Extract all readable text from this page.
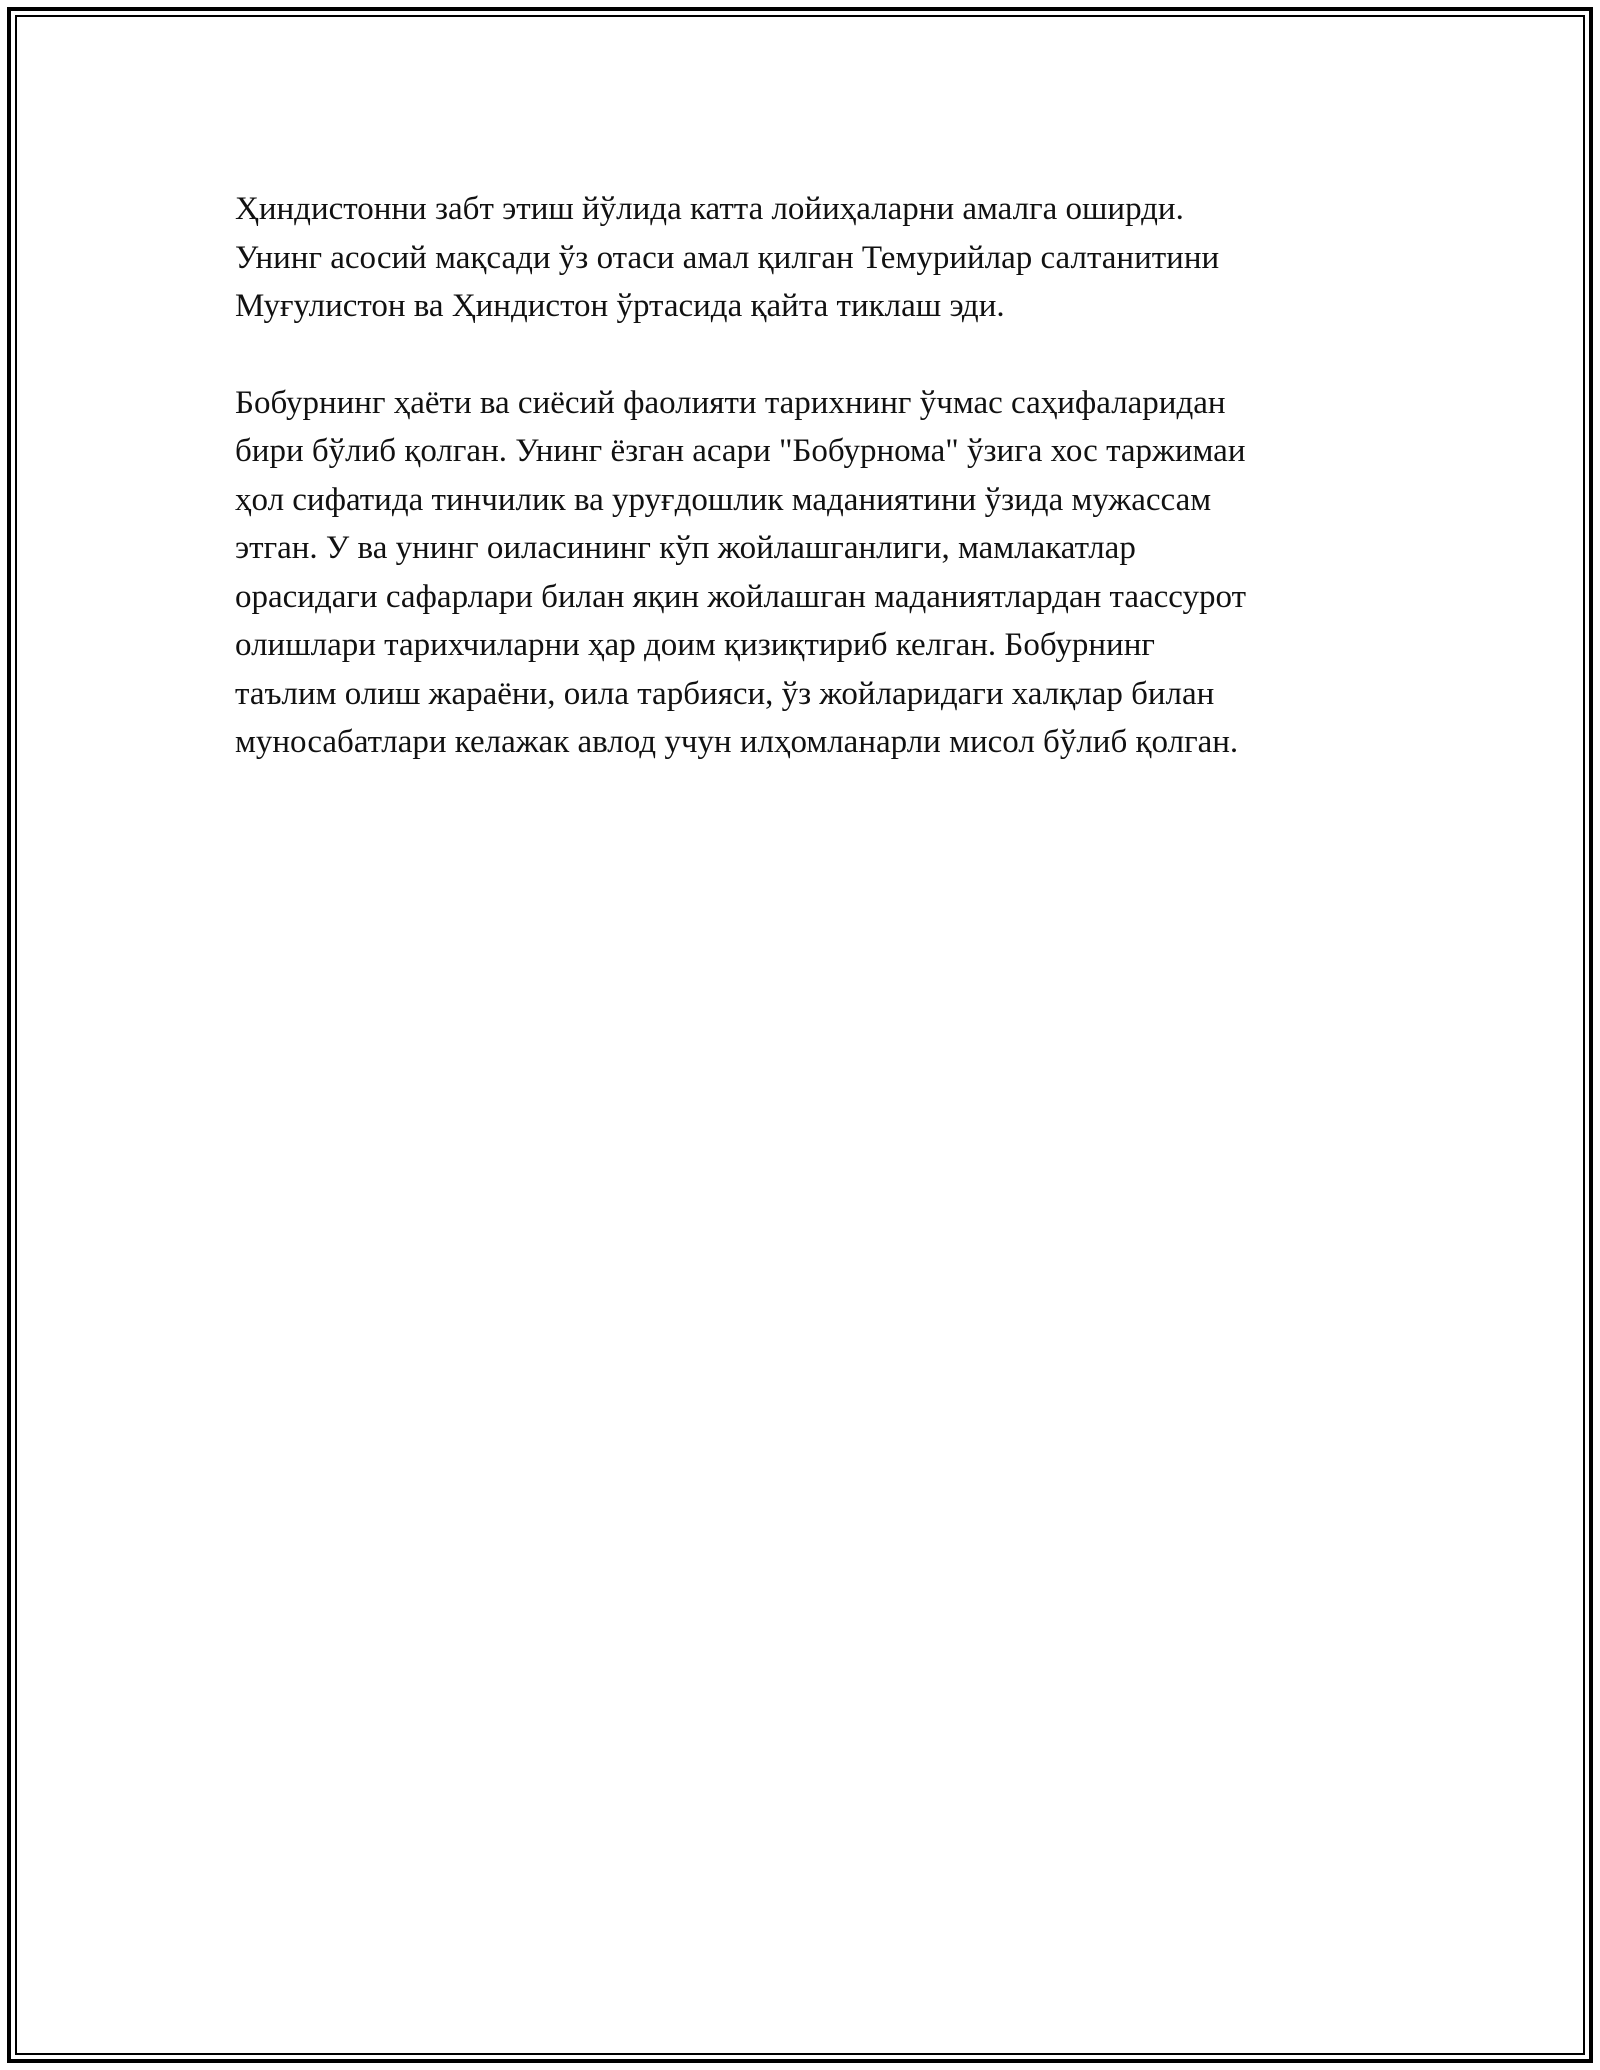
Ҳиндистонни забт этиш йўлида катта лойиҳаларни амалга оширди.
Унинг асосий мақсади ўз отаси амал қилган Темурийлар салтанитини
Муғулистон ва Ҳиндистон ўртасида қайта тиклаш эди.

Бобурнинг ҳаёти ва сиёсий фаолияти тарихнинг ўчмас саҳифаларидан
бири бўлиб қолган. Унинг ёзган асари "Бобурнома" ўзига хос таржимаи
ҳол сифатида тинчилик ва уруғдошлик маданиятини ўзида мужассам
этган. У ва унинг оиласининг кўп жойлашганлиги, мамлакатлар
орасидаги сафарлари билан яқин жойлашган маданиятлардан таассурот
олишлари тарихчиларни ҳар доим қизиқтириб келган. Бобурнинг
таълим олиш жараёни, оила тарбияси, ўз жойларидаги халқлар билан
муносабатлари келажак авлод учун илҳомланарли мисол бўлиб қолган.
